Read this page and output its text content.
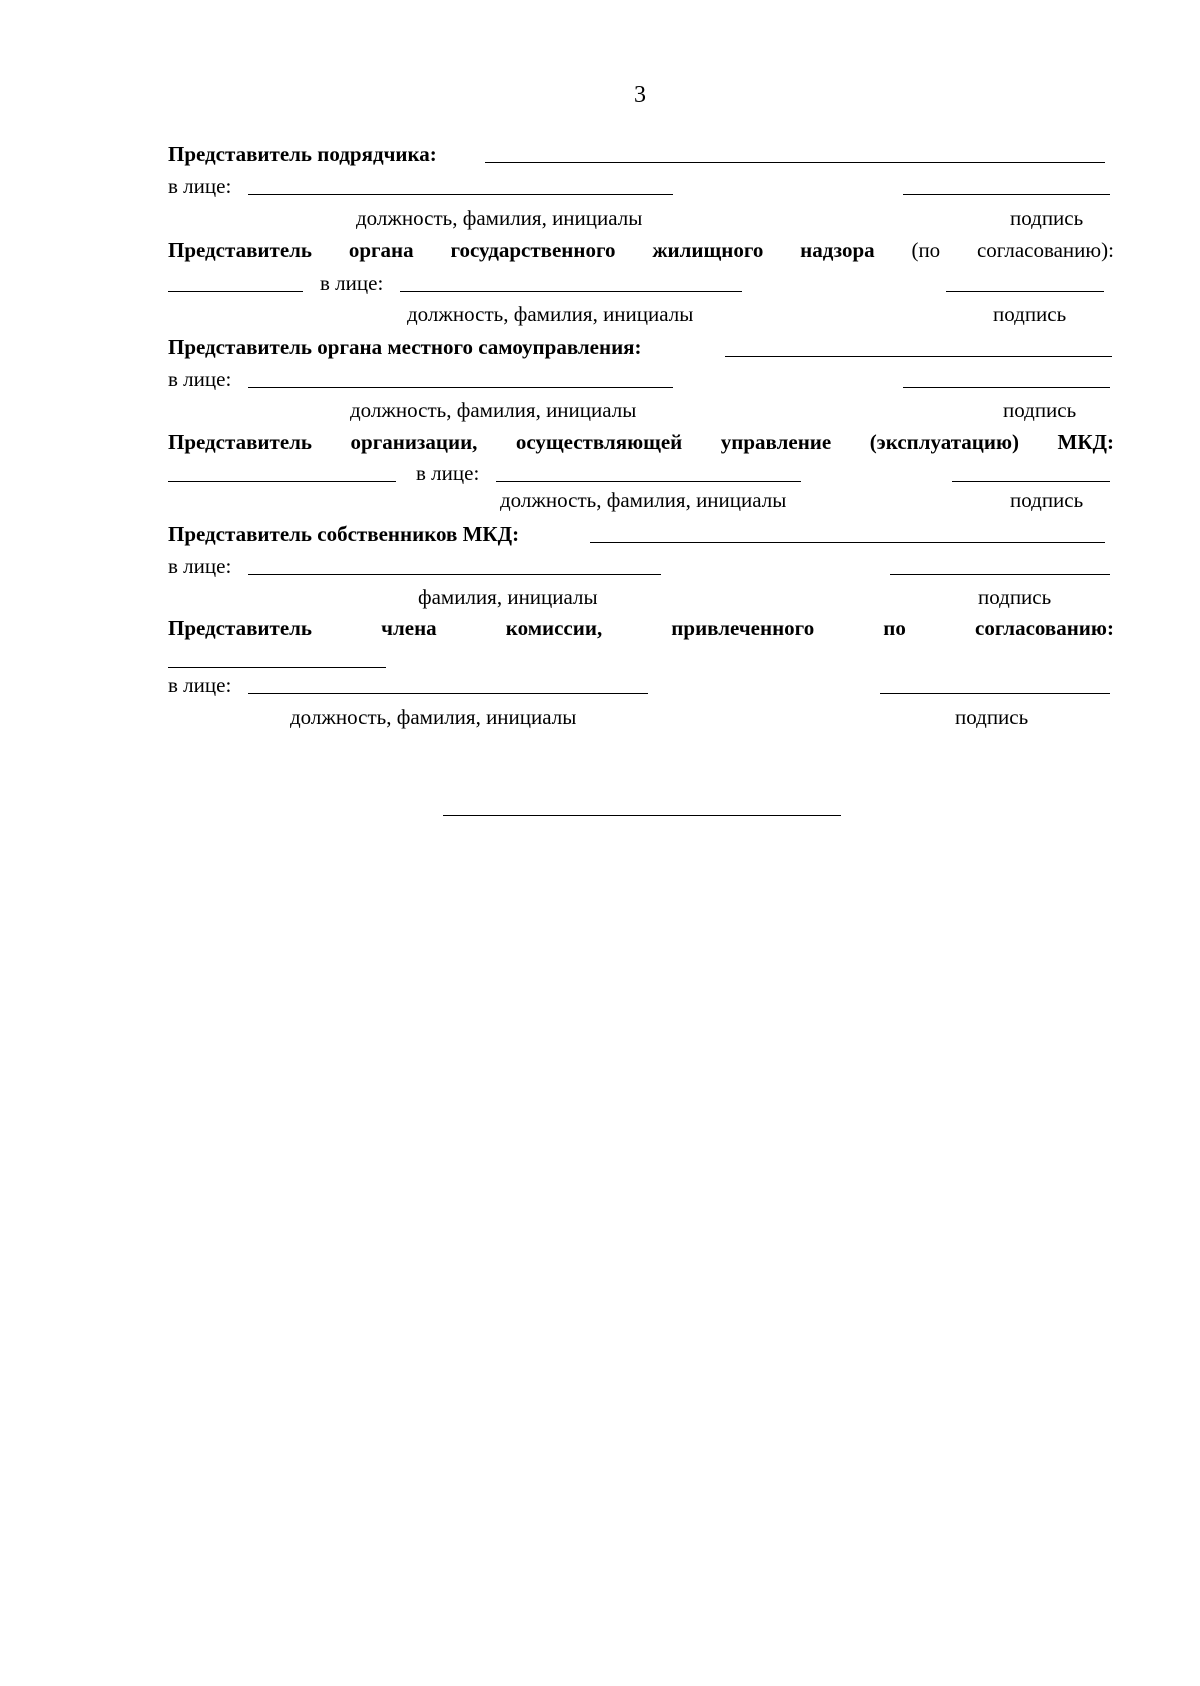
3
Представитель подрядчика:
в лице:
должность, фамилия, инициалы	подпись
Представитель органа государственного жилищного надзора (по согласованию):
в лице:
должность, фамилия, инициалы	подпись
Представитель органа местного самоуправления:
в лице:
должность, фамилия, инициалы	подпись
Представитель организации, осуществляющей управление (эксплуатацию) МКД:
в лице:
должность, фамилия, инициалы	подпись
Представитель собственников МКД:
в лице:
фамилия, инициалы	подпись
Представитель	члена	комиссии,	привлеченного	по	согласованию:
в лице:
должность, фамилия, инициалы	подпись
